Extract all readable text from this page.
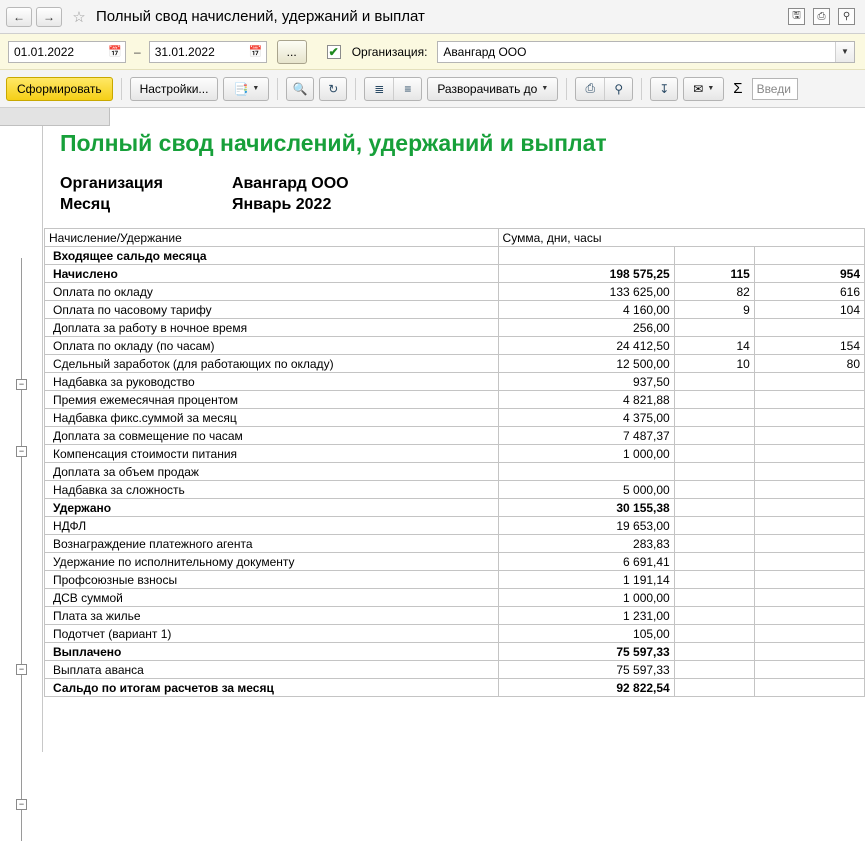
← → ☆ Полный свод начислений, удержаний и выплат	🖫	⎙	⚲
01.01.2022	📅 – 31.01.2022	📅	...	✔ Организация:	Авангард ООО	▼
Сформировать	Настройки... 📑 ▼	🔍 ↻	≣	≡	Разворачивать до ▼	⎙	⚲	↧ ✉ ▼ Σ	Введи
−
−
−
−
Полный свод начислений, удержаний и выплат
Организация	Авангард ООО
Месяц	Январь 2022
Начисление/Удержание	Сумма, дни, часы		
Входящее сальдо месяца			
Начислено	198 575,25	115	954
Оплата по окладу	133 625,00	82	616
Оплата по часовому тарифу	4 160,00	9	104
Доплата за работу в ночное время	256,00		
Оплата по окладу (по часам)	24 412,50	14	154
Сдельный заработок (для работающих по окладу)	12 500,00	10	80
Надбавка за руководство	937,50		
Премия ежемесячная процентом	4 821,88		
Надбавка фикс.суммой за месяц	4 375,00		
Доплата за совмещение по часам	7 487,37		
Компенсация стоимости питания	1 000,00		
Доплата за объем продаж			
Надбавка за сложность	5 000,00		
Удержано	30 155,38		
НДФЛ	19 653,00		
Вознаграждение платежного агента	283,83		
Удержание по исполнительному документу	6 691,41		
Профсоюзные взносы	1 191,14		
ДСВ суммой	1 000,00		
Плата за жилье	1 231,00		
Подотчет (вариант 1)	105,00		
Выплачено	75 597,33		
Выплата аванса	75 597,33		
Сальдо по итогам расчетов за месяц	92 822,54		
